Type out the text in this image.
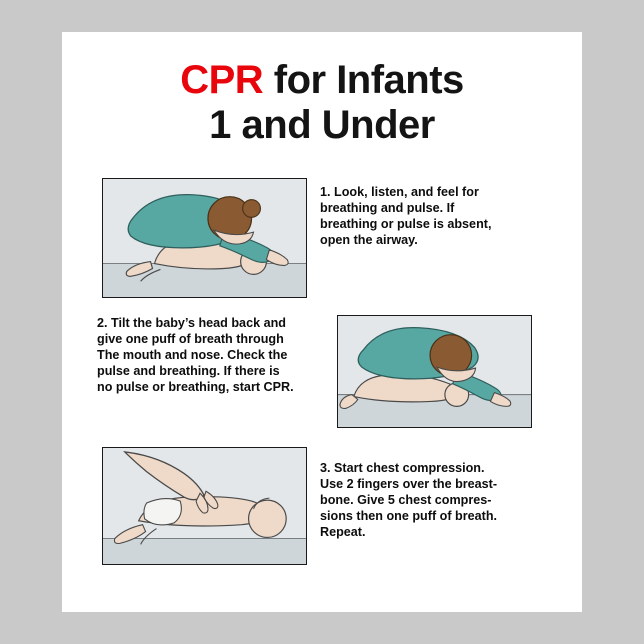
CPR for Infants
1 and Under
1. Look, listen, and feel for
breathing and pulse. If
breathing or pulse is absent,
open the airway.
2. Tilt the baby’s head back and
give one puff of breath through
The mouth and nose. Check the
pulse and breathing. If there is
no pulse or breathing, start CPR.
3. Start chest compression.
Use 2 fingers over the breast-
bone. Give 5 chest compres-
sions then one puff of breath.
Repeat.
